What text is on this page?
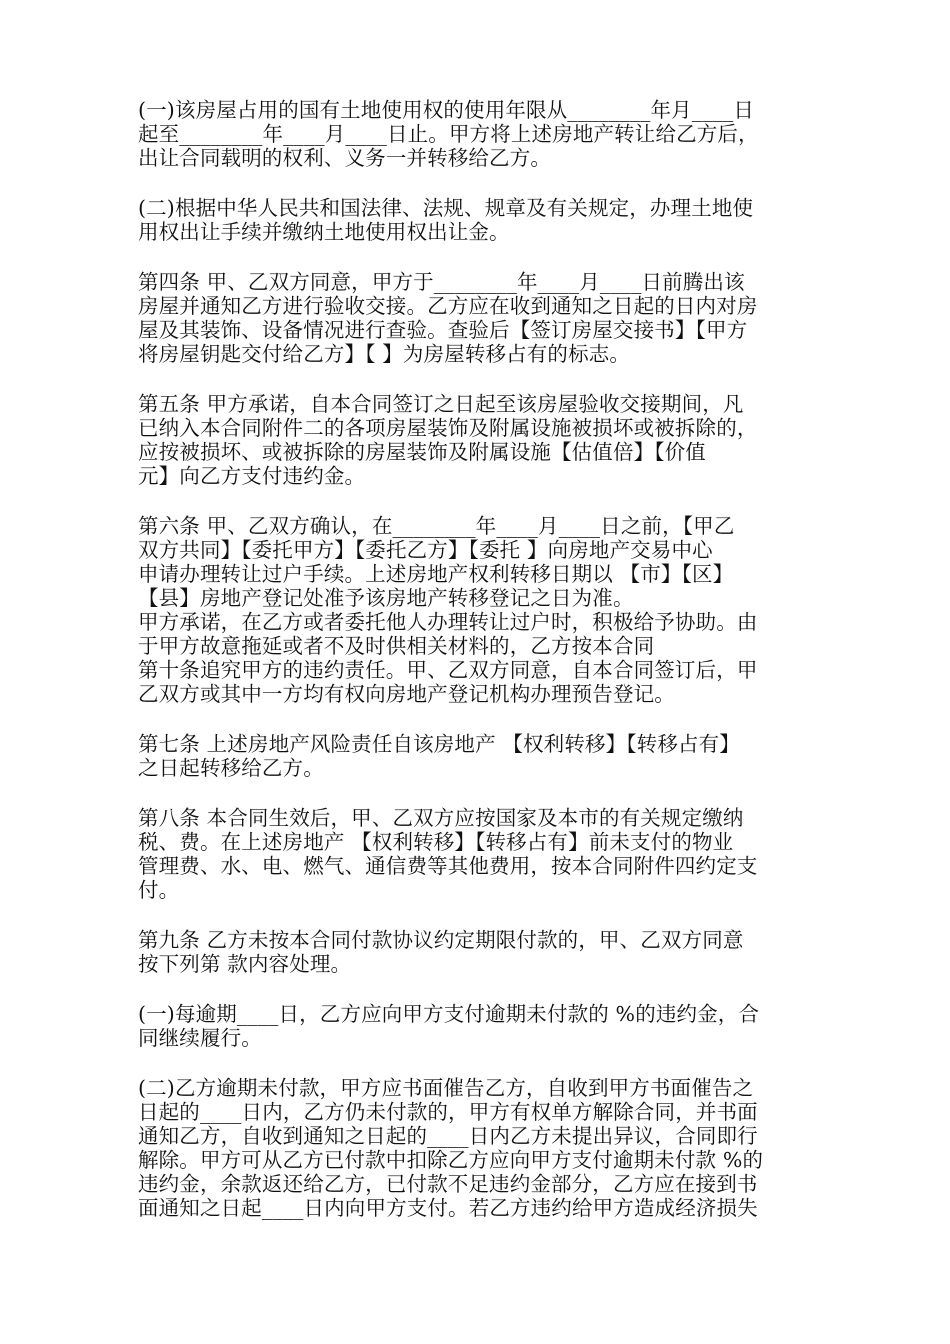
(一)该房屋占用的国有土地使用权的使用年限从________年月____日
起至________年____月____日止。甲方将上述房地产转让给乙方后，
出让合同载明的权利、义务一并转移给乙方。
(二)根据中华人民共和国法律、法规、规章及有关规定，办理土地使
用权出让手续并缴纳土地使用权出让金。
第四条 甲、乙双方同意，甲方于________年____月____日前腾出该
房屋并通知乙方进行验收交接。乙方应在收到通知之日起的日内对房
屋及其装饰、设备情况进行查验。查验后【签订房屋交接书】【甲方
将房屋钥匙交付给乙方】【 】为房屋转移占有的标志。
第五条 甲方承诺，自本合同签订之日起至该房屋验收交接期间，凡
已纳入本合同附件二的各项房屋装饰及附属设施被损坏或被拆除的，
应按被损坏、或被拆除的房屋装饰及附属设施【估值倍】【价值
元】向乙方支付违约金。
第六条 甲、乙双方确认，在________年____月____日之前，【甲乙
双方共同】【委托甲方】【委托乙方】【委托 】向房地产交易中心
申请办理转让过户手续。上述房地产权利转移日期以 【市】【区】
【县】房地产登记处准予该房地产转移登记之日为准。
甲方承诺，在乙方或者委托他人办理转让过户时，积极给予协助。由
于甲方故意拖延或者不及时供相关材料的，乙方按本合同
第十条追究甲方的违约责任。甲、乙双方同意，自本合同签订后，甲
乙双方或其中一方均有权向房地产登记机构办理预告登记。
第七条 上述房地产风险责任自该房地产 【权利转移】【转移占有】
之日起转移给乙方。
第八条 本合同生效后，甲、乙双方应按国家及本市的有关规定缴纳
税、费。在上述房地产 【权利转移】【转移占有】前未支付的物业
管理费、水、电、燃气、通信费等其他费用，按本合同附件四约定支
付。
第九条 乙方未按本合同付款协议约定期限付款的，甲、乙双方同意
按下列第 款内容处理。
(一)每逾期____日，乙方应向甲方支付逾期未付款的 %的违约金，合
同继续履行。
(二)乙方逾期未付款，甲方应书面催告乙方，自收到甲方书面催告之
日起的____日内，乙方仍未付款的，甲方有权单方解除合同，并书面
通知乙方，自收到通知之日起的____日内乙方未提出异议，合同即行
解除。甲方可从乙方已付款中扣除乙方应向甲方支付逾期未付款 %的
违约金，余款返还给乙方，已付款不足违约金部分，乙方应在接到书
面通知之日起____日内向甲方支付。若乙方违约给甲方造成经济损失
